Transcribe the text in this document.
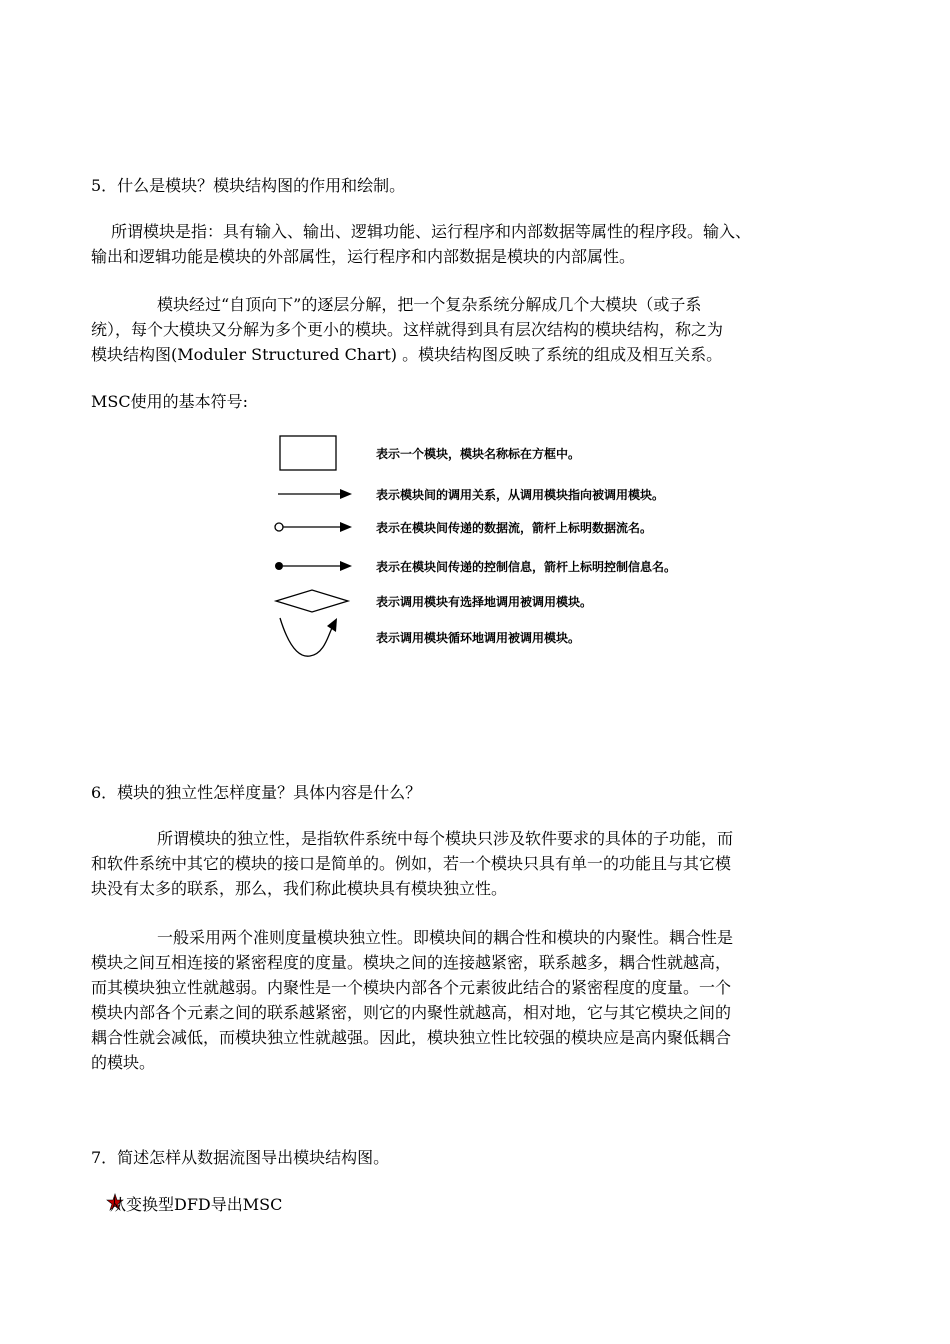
5．什么是模块？模块结构图的作用和绘制。
所谓模块是指：具有输入、输出、逻辑功能、运行程序和内部数据等属性的程序段。输入、
输出和逻辑功能是模块的外部属性，运行程序和内部数据是模块的内部属性。
模块经过“自顶向下”的逐层分解，把一个复杂系统分解成几个大模块（或子系
统），每个大模块又分解为多个更小的模块。这样就得到具有层次结构的模块结构，称之为
模块结构图(Moduler Structured Chart) 。模块结构图反映了系统的组成及相互关系。
MSC使用的基本符号:
表示一个模块，模块名称标在方框中。
表示模块间的调用关系，从调用模块指向被调用模块。
表示在模块间传递的数据流，箭杆上标明数据流名。
表示在模块间传递的控制信息，箭杆上标明控制信息名。
表示调用模块有选择地调用被调用模块。
表示调用模块循环地调用被调用模块。
6．模块的独立性怎样度量？具体内容是什么？
所谓模块的独立性，是指软件系统中每个模块只涉及软件要求的具体的子功能，而
和软件系统中其它的模块的接口是简单的。例如，若一个模块只具有单一的功能且与其它模
块没有太多的联系，那么，我们称此模块具有模块独立性。
一般采用两个准则度量模块独立性。即模块间的耦合性和模块的内聚性。耦合性是
模块之间互相连接的紧密程度的度量。模块之间的连接越紧密，联系越多，耦合性就越高，
而其模块独立性就越弱。内聚性是一个模块内部各个元素彼此结合的紧密程度的度量。一个
模块内部各个元素之间的联系越紧密，则它的内聚性就越高，相对地，它与其它模块之间的
耦合性就会减低，而模块独立性就越强。因此，模块独立性比较强的模块应是高内聚低耦合
的模块。
7．简述怎样从数据流图导出模块结构图。
从变换型DFD导出MSC
